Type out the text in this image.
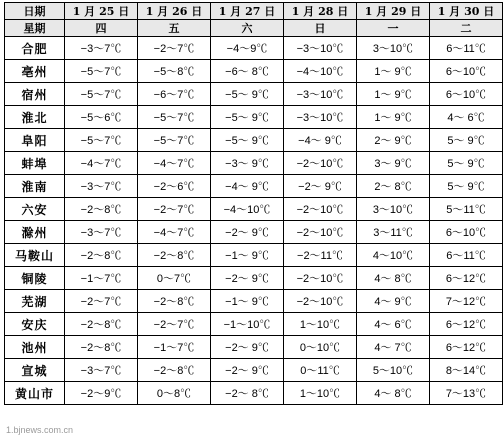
日期	1 月 25 日	1 月 26 日	1 月 27 日	1 月 28 日	1 月 29 日	1 月 30 日
星期	四	五	六	日	一	二
合肥	−3～7℃	−2～7℃	−4～9℃	−3～10℃	3～10℃	6～11℃
亳州	−5～7℃	−5～8℃	−6～ 8℃	−4～10℃	1～ 9℃	6～10℃
宿州	−5～7℃	−6～7℃	−5～ 9℃	−3～10℃	1～ 9℃	6～10℃
淮北	−5～6℃	−5～7℃	−5～ 9℃	−3～10℃	1～ 9℃	4～ 6℃
阜阳	−5～7℃	−5～7℃	−5～ 9℃	−4～ 9℃	2～ 9℃	5～ 9℃
蚌埠	−4～7℃	−4～7℃	−3～ 9℃	−2～10℃	3～ 9℃	5～ 9℃
淮南	−3～7℃	−2～6℃	−4～ 9℃	−2～ 9℃	2～ 8℃	5～ 9℃
六安	−2～8℃	−2～7℃	−4～10℃	−2～10℃	3～10℃	5～11℃
滁州	−3～7℃	−4～7℃	−2～ 9℃	−2～10℃	3～11℃	6～10℃
马鞍山	−2～8℃	−2～8℃	−1～ 9℃	−2～11℃	4～10℃	6～11℃
铜陵	−1～7℃	0～7℃	−2～ 9℃	−2～10℃	4～ 8℃	6～12℃
芜湖	−2～7℃	−2～8℃	−1～ 9℃	−2～10℃	4～ 9℃	7～12℃
安庆	−2～8℃	−2～7℃	−1～10℃	1～10℃	4～ 6℃	6～12℃
池州	−2～8℃	−1～7℃	−2～ 9℃	0～10℃	4～ 7℃	6～12℃
宣城	−3～7℃	−2～8℃	−2～ 9℃	0～11℃	5～10℃	8～14℃
黄山市	−2～9℃	0～8℃	−2～ 8℃	1～10℃	4～ 8℃	7～13℃
1.bjnews.com.cn
